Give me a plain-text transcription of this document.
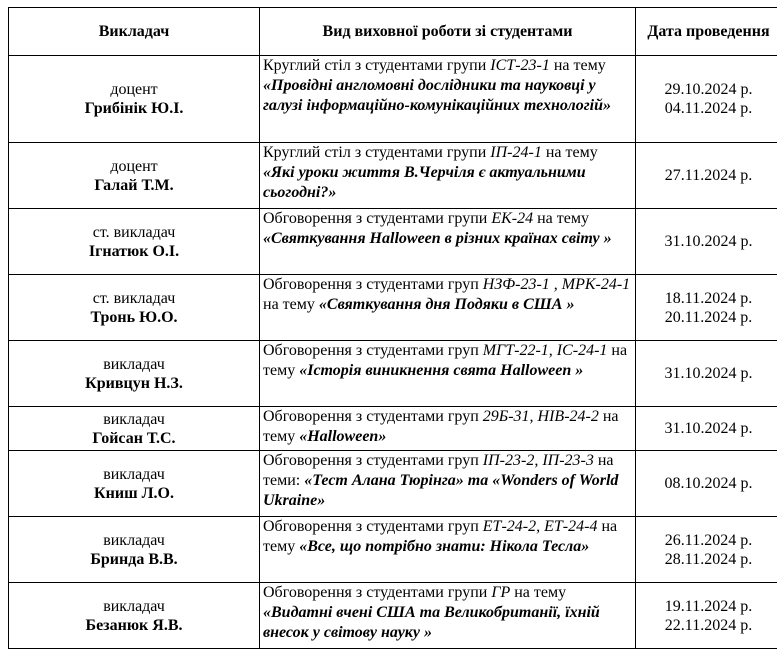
Викладач	Вид виховної роботи зі студентами	Дата проведення

доцент
Грибінік Ю.І.	Круглий стіл з студентами групи ІСТ-23-1 на тему «Провідні англомовні дослідники та науковці у галузі інформаційно-комунікаційних технологій»	29.10.2024 р.
04.11.2024 р.

доцент
Галай Т.М.	Круглий стіл з студентами групи ІП-24-1 на тему «Які уроки життя В.Черчіля є актуальними сьогодні?»	27.11.2024 р.

ст. викладач
Ігнатюк О.І.	Обговорення з студентами групи ЕК-24 на тему «Святкування Halloween в різних країнах світу »	31.10.2024 р.

ст. викладач
Тронь Ю.О.	Обговорення з студентами груп НЗФ-23-1 , МРК-24-1 на тему «Святкування дня Подяки в США »	18.11.2024 р.
20.11.2024 р.

викладач
Кривцун Н.З.	Обговорення з студентами груп МГТ-22-1, ІС-24-1 на тему «Історія виникнення свята Halloween »	31.10.2024 р.

викладач
Гойсан Т.С.	Обговорення з студентами груп 29Б-31, НІВ-24-2 на тему «Halloween»	31.10.2024 р.

викладач
Книш Л.О.	Обговорення з студентами груп ІП-23-2, ІП-23-3 на теми: «Тест Алана Тюрінга» та «Wonders of World Ukraine»	08.10.2024 р.

викладач
Бринда В.В.	Обговорення з студентами груп ЕТ-24-2, ЕТ-24-4 на тему «Все, що потрібно знати: Ніколa Тесла»	26.11.2024 р.
28.11.2024 р.

викладач
Безанюк Я.В.	Обговорення з студентами групи ГР на тему «Видатні вчені США та Великобританії, їхній внесок у світову науку »	19.11.2024 р.
22.11.2024 р.
